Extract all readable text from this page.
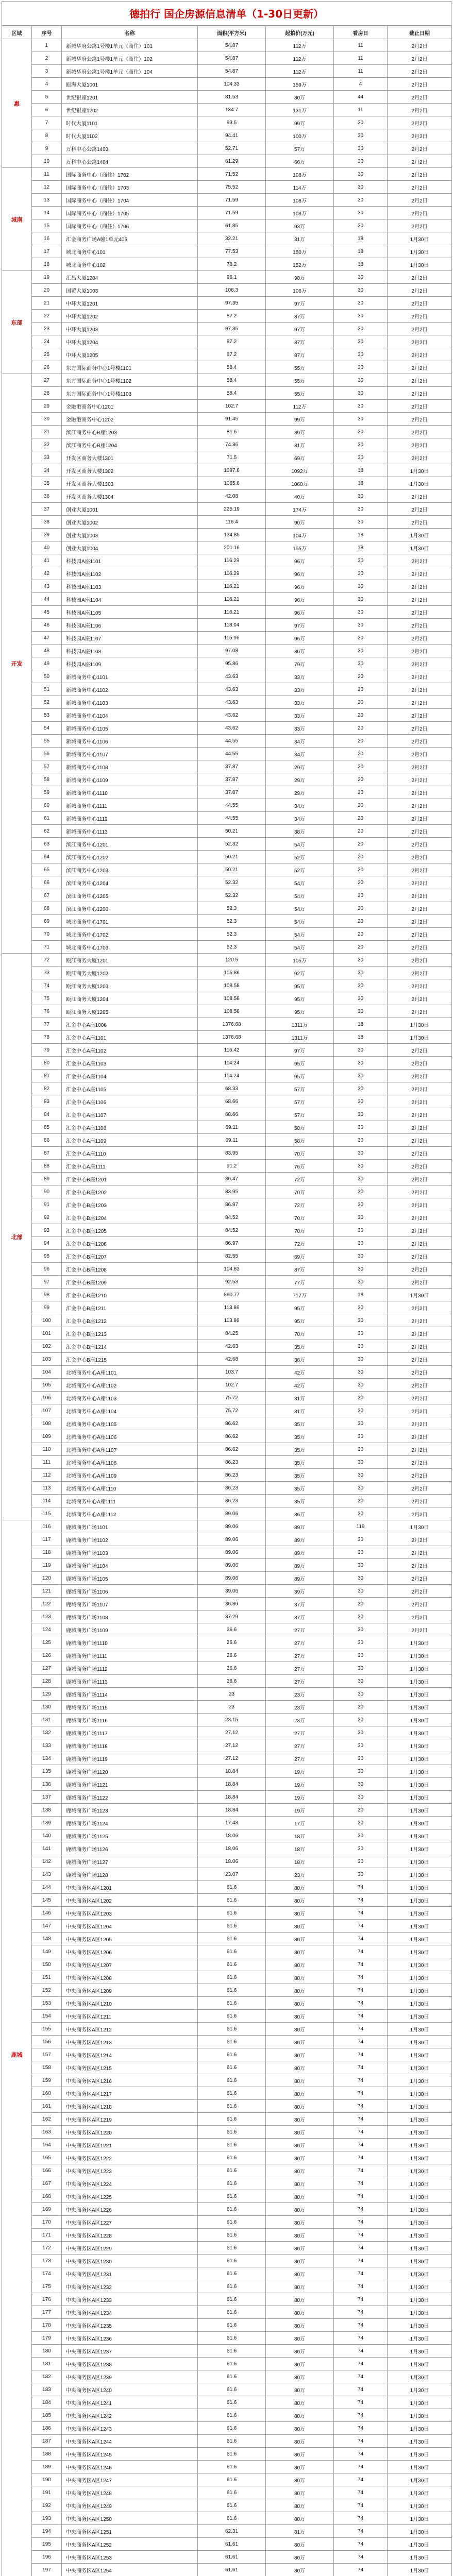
德拍行 国企房源信息清单（1-30日更新）
区域	序号	名称	面积(平方米)	起拍价(万元)	看房日	截止日期
惠	1	新城华府公寓1号楼1单元（商住）101	54.87	112万	11	2月2日
	2	新城华府公寓1号楼1单元（商住）102	54.87	112万	11	2月2日
	3	新城华府公寓1号楼1单元（商住）104	54.87	112万	11	2月2日
	4	瓯海大厦1001	104.33	159万	4	2月2日
	5	世纪银座1201	81.53	80万	44	2月2日
	6	世纪银座1202	134.7	131万	11	2月2日
	7	时代大厦1101	93.5	99万	30	2月2日
	8	时代大厦1102	94.41	100万	30	2月2日
	9	万科中心公寓1403	52.71	57万	30	2月2日
	10	万科中心公寓1404	61.29	66万	30	2月2日
城南	11	国际商务中心（商住）1702	71.52	108万	30	2月2日
	12	国际商务中心（商住）1703	75.52	114万	30	2月2日
	13	国际商务中心（商住）1704	71.59	108万	30	2月2日
	14	国际商务中心（商住）1705	71.59	108万	30	2月2日
	15	国际商务中心（商住）1706	61.85	93万	30	2月2日
	16	汇金商务广场A幢1单元406	32.21	31万	18	1月30日
	17	城北商务中心101	77.53	150万	18	1月30日
	18	城北商务中心102	78.2	152万	18	1月30日
东部	19	汇昌大厦1204	96.1	98万	30	2月2日
	20	国贸大厦1003	106.3	106万	30	2月2日
	21	中环大厦1201	97.35	97万	30	2月2日
	22	中环大厦1202	87.2	87万	30	2月2日
	23	中环大厦1203	97.35	97万	30	2月2日
	24	中环大厦1204	87.2	87万	30	2月2日
	25	中环大厦1205	87.2	87万	30	2月2日
	26	东方国际商务中心1号楼1101	58.4	55万	30	2月2日
开发	27	东方国际商务中心1号楼1102	58.4	55万	30	2月2日
	28	东方国际商务中心1号楼1103	58.4	55万	30	2月2日
	29	金融港商务中心1201	102.7	112万	30	2月2日
	30	金融港商务中心1202	91.45	99万	30	2月2日
	31	滨江商务中心B座1203	81.6	89万	30	2月2日
	32	滨江商务中心B座1204	74.36	81万	30	2月2日
	33	开发区商务大楼1301	71.5	69万	30	2月2日
	34	开发区商务大楼1302	1097.6	1092万	18	1月30日
	35	开发区商务大楼1303	1065.6	1060万	18	1月30日
	36	开发区商务大楼1304	42.08	40万	30	2月2日
	37	创业大厦1001	225.19	174万	30	2月2日
	38	创业大厦1002	116.4	90万	30	2月2日
	39	创业大厦1003	134.85	104万	18	1月30日
	40	创业大厦1004	201.16	155万	18	1月30日
	41	科技园A座1101	116.29	96万	30	2月2日
	42	科技园A座1102	116.29	96万	30	2月2日
	43	科技园A座1103	116.21	96万	30	2月2日
	44	科技园A座1104	116.21	96万	30	2月2日
	45	科技园A座1105	116.21	96万	30	2月2日
	46	科技园A座1106	118.04	97万	30	2月2日
	47	科技园A座1107	115.96	96万	30	2月2日
	48	科技园A座1108	97.08	80万	30	2月2日
	49	科技园A座1109	95.86	79万	30	2月2日
	50	新城商务中心1101	43.63	33万	20	2月2日
	51	新城商务中心1102	43.63	33万	20	2月2日
	52	新城商务中心1103	43.63	33万	20	2月2日
	53	新城商务中心1104	43.62	33万	20	2月2日
	54	新城商务中心1105	43.62	33万	20	2月2日
	55	新城商务中心1106	44.55	34万	20	2月2日
	56	新城商务中心1107	44.55	34万	20	2月2日
	57	新城商务中心1108	37.87	29万	20	2月2日
	58	新城商务中心1109	37.87	29万	20	2月2日
	59	新城商务中心1110	37.87	29万	20	2月2日
	60	新城商务中心1111	44.55	34万	20	2月2日
	61	新城商务中心1112	44.55	34万	20	2月2日
	62	新城商务中心1113	50.21	38万	20	2月2日
	63	滨江商务中心1201	52.32	54万	20	2月2日
	64	滨江商务中心1202	50.21	52万	20	2月2日
	65	滨江商务中心1203	50.21	52万	20	2月2日
	66	滨江商务中心1204	52.32	54万	20	2月2日
	67	滨江商务中心1205	52.32	54万	20	2月2日
	68	滨江商务中心1206	52.3	54万	20	2月2日
	69	城北商务中心1701	52.3	54万	20	2月2日
	70	城北商务中心1702	52.3	54万	20	2月2日
	71	城北商务中心1703	52.3	54万	20	2月2日
北部	72	瓯江商务大厦1201	120.5	105万	30	2月2日
	73	瓯江商务大厦1202	105.86	92万	30	2月2日
	74	瓯江商务大厦1203	108.58	95万	30	2月2日
	75	瓯江商务大厦1204	108.58	95万	30	2月2日
	76	瓯江商务大厦1205	108.58	95万	30	2月2日
	77	汇金中心A座1006	1376.68	1311万	18	1月30日
	78	汇金中心A座1101	1376.68	1311万	18	1月30日
	79	汇金中心A座1102	116.42	97万	30	2月2日
	80	汇金中心A座1103	114.24	95万	30	2月2日
	81	汇金中心A座1104	114.24	95万	30	2月2日
	82	汇金中心A座1105	68.33	57万	30	2月2日
	83	汇金中心A座1106	68.66	57万	30	2月2日
	84	汇金中心A座1107	68.66	57万	30	2月2日
	85	汇金中心A座1108	69.11	58万	30	2月2日
	86	汇金中心A座1109	69.11	58万	30	2月2日
	87	汇金中心A座1110	83.95	70万	30	2月2日
	88	汇金中心A座1111	91.2	76万	30	2月2日
	89	汇金中心B座1201	86.47	72万	30	2月2日
	90	汇金中心B座1202	83.95	70万	30	2月2日
	91	汇金中心B座1203	86.97	72万	30	2月2日
	92	汇金中心B座1204	84.52	70万	30	2月2日
	93	汇金中心B座1205	84.52	70万	30	2月2日
	94	汇金中心B座1206	86.97	72万	30	2月2日
	95	汇金中心B座1207	82.55	69万	30	2月2日
	96	汇金中心B座1208	104.83	87万	30	2月2日
	97	汇金中心B座1209	92.53	77万	30	2月2日
	98	汇金中心B座1210	860.77	717万	18	1月30日
	99	汇金中心B座1211	113.86	95万	30	2月2日
	100	汇金中心B座1212	113.86	95万	30	2月2日
	101	汇金中心B座1213	84.25	70万	30	2月2日
	102	汇金中心B座1214	42.63	35万	30	2月2日
	103	汇金中心B座1215	42.68	36万	30	2月2日
	104	北城商务中心A座1101	103.7	42万	30	2月2日
	105	北城商务中心A座1102	102.7	42万	30	2月2日
	106	北城商务中心A座1103	75.72	31万	30	2月2日
	107	北城商务中心A座1104	75.72	31万	30	2月2日
	108	北城商务中心A座1105	86.62	35万	30	2月2日
	109	北城商务中心A座1106	86.62	35万	30	2月2日
	110	北城商务中心A座1107	86.62	35万	30	2月2日
	111	北城商务中心A座1108	86.23	35万	30	2月2日
	112	北城商务中心A座1109	86.23	35万	30	2月2日
	113	北城商务中心A座1110	86.23	35万	30	2月2日
	114	北城商务中心A座1111	86.23	35万	30	2月2日
	115	北城商务中心A座1112	89.06	36万	30	2月2日
鹿城	116	鹿城商务广场1101	89.06	89万	119	1月30日
	117	鹿城商务广场1102	89.06	89万	30	2月2日
	118	鹿城商务广场1103	89.06	89万	30	2月2日
	119	鹿城商务广场1104	89.06	89万	30	2月2日
	120	鹿城商务广场1105	89.06	89万	30	2月2日
	121	鹿城商务广场1106	39.06	39万	30	2月2日
	122	鹿城商务广场1107	36.89	37万	30	2月2日
	123	鹿城商务广场1108	37.29	37万	30	2月2日
	124	鹿城商务广场1109	26.6	27万	30	2月2日
	125	鹿城商务广场1110	26.6	27万	30	1月30日
	126	鹿城商务广场1111	26.6	27万	30	1月30日
	127	鹿城商务广场1112	26.6	27万	30	1月30日
	128	鹿城商务广场1113	26.6	27万	30	1月30日
	129	鹿城商务广场1114	23	23万	30	1月30日
	130	鹿城商务广场1115	23	23万	30	1月30日
	131	鹿城商务广场1116	23.15	23万	30	1月30日
	132	鹿城商务广场1117	27.12	27万	30	1月30日
	133	鹿城商务广场1118	27.12	27万	30	1月30日
	134	鹿城商务广场1119	27.12	27万	30	1月30日
	135	鹿城商务广场1120	18.84	19万	30	1月30日
	136	鹿城商务广场1121	18.84	19万	30	1月30日
	137	鹿城商务广场1122	18.84	19万	30	1月30日
	138	鹿城商务广场1123	18.84	19万	30	1月30日
	139	鹿城商务广场1124	17.43	17万	30	1月30日
	140	鹿城商务广场1125	18.06	18万	30	1月30日
	141	鹿城商务广场1126	18.06	18万	30	1月30日
	142	鹿城商务广场1127	18.06	18万	30	1月30日
	143	鹿城商务广场1128	23.07	23万	30	1月30日
	144	中央商务区A区1201	61.6	80万	74	1月30日
	145	中央商务区A区1202	61.6	80万	74	1月30日
	146	中央商务区A区1203	61.6	80万	74	1月30日
	147	中央商务区A区1204	61.6	80万	74	1月30日
	148	中央商务区A区1205	61.6	80万	74	1月30日
	149	中央商务区A区1206	61.6	80万	74	1月30日
	150	中央商务区A区1207	61.6	80万	74	1月30日
	151	中央商务区A区1208	61.6	80万	74	1月30日
	152	中央商务区A区1209	61.6	80万	74	1月30日
	153	中央商务区A区1210	61.6	80万	74	1月30日
	154	中央商务区A区1211	61.6	80万	74	1月30日
	155	中央商务区A区1212	61.6	80万	74	1月30日
	156	中央商务区A区1213	61.6	80万	74	1月30日
	157	中央商务区A区1214	61.6	80万	74	1月30日
	158	中央商务区A区1215	61.6	80万	74	1月30日
	159	中央商务区A区1216	61.6	80万	74	1月30日
	160	中央商务区A区1217	61.6	80万	74	1月30日
	161	中央商务区A区1218	61.6	80万	74	1月30日
	162	中央商务区A区1219	61.6	80万	74	1月30日
	163	中央商务区A区1220	61.6	80万	74	1月30日
	164	中央商务区A区1221	61.6	80万	74	1月30日
	165	中央商务区A区1222	61.6	80万	74	1月30日
	166	中央商务区A区1223	61.6	80万	74	1月30日
	167	中央商务区A区1224	61.6	80万	74	1月30日
	168	中央商务区A区1225	61.6	80万	74	1月30日
	169	中央商务区A区1226	61.6	80万	74	1月30日
	170	中央商务区A区1227	61.6	80万	74	1月30日
	171	中央商务区A区1228	61.6	80万	74	1月30日
	172	中央商务区A区1229	61.6	80万	74	1月30日
	173	中央商务区A区1230	61.6	80万	74	1月30日
	174	中央商务区A区1231	61.6	80万	74	1月30日
	175	中央商务区A区1232	61.6	80万	74	1月30日
	176	中央商务区A区1233	61.6	80万	74	1月30日
	177	中央商务区A区1234	61.6	80万	74	1月30日
	178	中央商务区A区1235	61.6	80万	74	1月30日
	179	中央商务区A区1236	61.6	80万	74	1月30日
	180	中央商务区A区1237	61.6	80万	74	1月30日
	181	中央商务区A区1238	61.6	80万	74	1月30日
	182	中央商务区A区1239	61.6	80万	74	1月30日
	183	中央商务区A区1240	61.6	80万	74	1月30日
	184	中央商务区A区1241	61.6	80万	74	1月30日
	185	中央商务区A区1242	61.6	80万	74	1月30日
	186	中央商务区A区1243	61.6	80万	74	1月30日
	187	中央商务区A区1244	61.6	80万	74	1月30日
	188	中央商务区A区1245	61.6	80万	74	1月30日
	189	中央商务区A区1246	61.6	80万	74	1月30日
	190	中央商务区A区1247	61.6	80万	74	1月30日
	191	中央商务区A区1248	61.6	80万	74	1月30日
	192	中央商务区A区1249	61.6	80万	74	1月30日
	193	中央商务区A区1250	61.6	80万	74	1月30日
	194	中央商务区A区1251	62.31	81万	74	1月30日
	195	中央商务区A区1252	61.61	80万	74	1月30日
	196	中央商务区A区1253	61.61	80万	74	1月30日
	197	中央商务区A区1254	61.61	80万	74	1月30日
